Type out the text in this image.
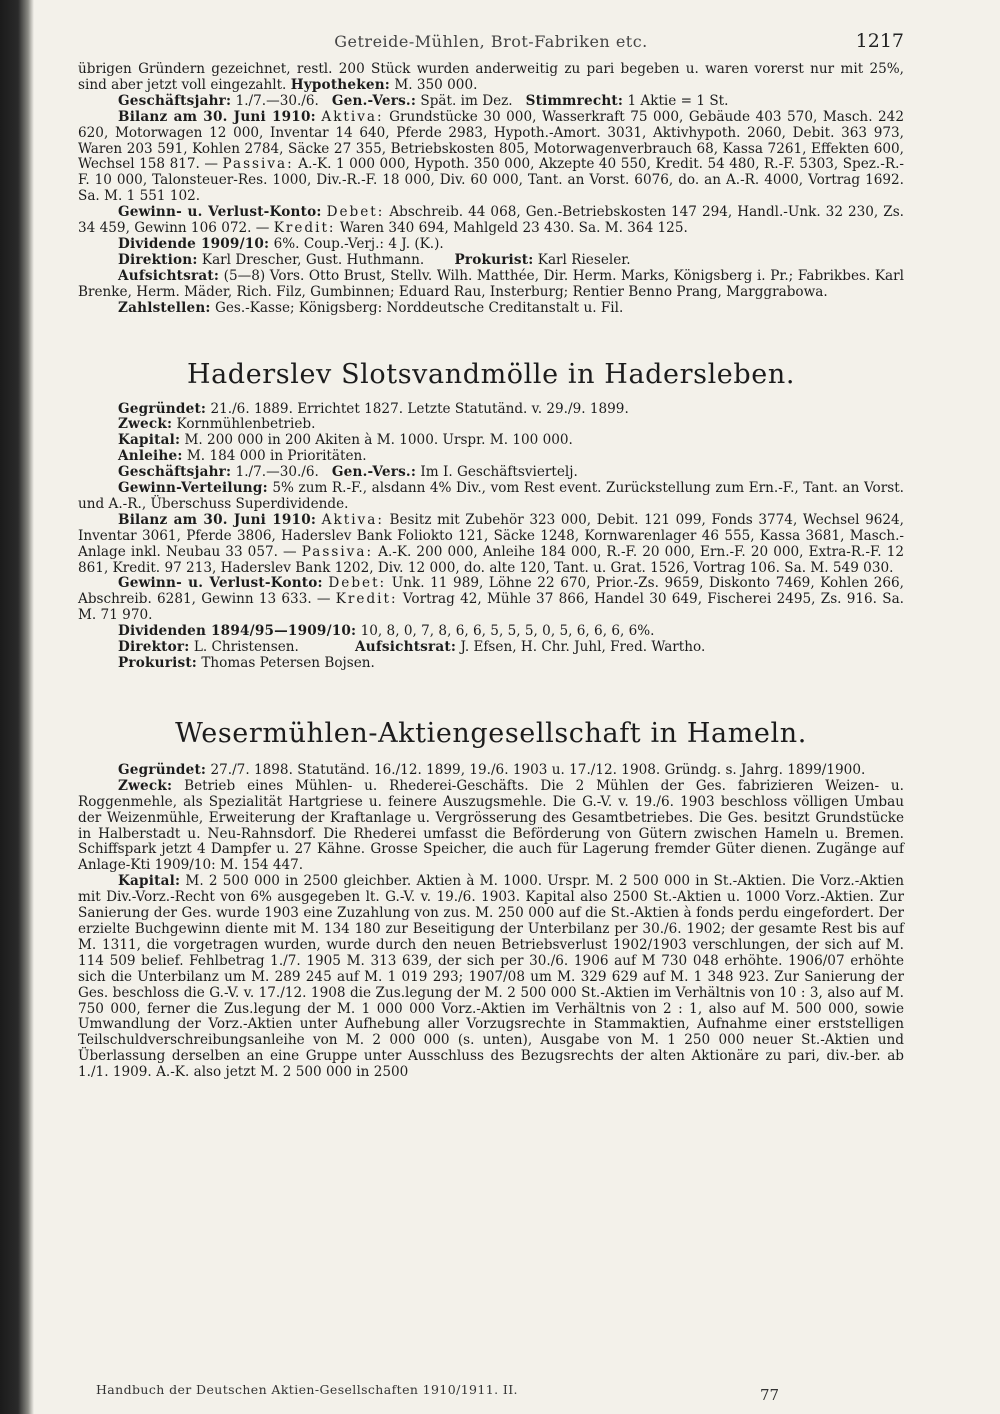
Getreide-Mühlen, Brot-Fabriken etc.	1217

übrigen Gründern gezeichnet, restl. 200 Stück wurden anderweitig zu pari begeben u. waren vorerst nur mit 25%, sind aber jetzt voll eingezahlt. Hypotheken: M. 350 000.

Geschäftsjahr: 1./7.—30./6. Gen.-Vers.: Spät. im Dez. Stimmrecht: 1 Aktie = 1 St.

Bilanz am 30. Juni 1910: Aktiva: Grundstücke 30 000, Wasserkraft 75 000, Gebäude 403 570, Masch. 242 620, Motorwagen 12 000, Inventar 14 640, Pferde 2983, Hypoth.-Amort. 3031, Aktivhypoth. 2060, Debit. 363 973, Waren 203 591, Kohlen 2784, Säcke 27 355, Betriebskosten 805, Motorwagenverbrauch 68, Kassa 7261, Effekten 600, Wechsel 158 817. — Passiva: A.-K. 1 000 000, Hypoth. 350 000, Akzepte 40 550, Kredit. 54 480, R.-F. 5303, Spez.-R.-F. 10 000, Talonsteuer-Res. 1000, Div.-R.-F. 18 000, Div. 60 000, Tant. an Vorst. 6076, do. an A.-R. 4000, Vortrag 1692. Sa. M. 1 551 102.

Gewinn- u. Verlust-Konto: Debet: Abschreib. 44 068, Gen.-Betriebskosten 147 294, Handl.-Unk. 32 230, Zs. 34 459, Gewinn 106 072. — Kredit: Waren 340 694, Mahlgeld 23 430. Sa. M. 364 125.

Dividende 1909/10: 6%. Coup.-Verj.: 4 J. (K.).

Direktion: Karl Drescher, Gust. Huthmann. Prokurist: Karl Rieseler.

Aufsichtsrat: (5—8) Vors. Otto Brust, Stellv. Wilh. Matthée, Dir. Herm. Marks, Königsberg i. Pr.; Fabrikbes. Karl Brenke, Herm. Mäder, Rich. Filz, Gumbinnen; Eduard Rau, Insterburg; Rentier Benno Prang, Marggrabowa.

Zahlstellen: Ges.-Kasse; Königsberg: Norddeutsche Creditanstalt u. Fil.

Haderslev Slotsvandmölle in Hadersleben.

Gegründet: 21./6. 1889. Errichtet 1827. Letzte Statutänd. v. 29./9. 1899.

Zweck: Kornmühlenbetrieb.

Kapital: M. 200 000 in 200 Akiten à M. 1000. Urspr. M. 100 000.

Anleihe: M. 184 000 in Prioritäten.

Geschäftsjahr: 1./7.—30./6. Gen.-Vers.: Im I. Geschäftsviertelj.

Gewinn-Verteilung: 5% zum R.-F., alsdann 4% Div., vom Rest event. Zurückstellung zum Ern.-F., Tant. an Vorst. und A.-R., Überschuss Superdividende.

Bilanz am 30. Juni 1910: Aktiva: Besitz mit Zubehör 323 000, Debit. 121 099, Fonds 3774, Wechsel 9624, Inventar 3061, Pferde 3806, Haderslev Bank Foliokto 121, Säcke 1248, Kornwarenlager 46 555, Kassa 3681, Masch.-Anlage inkl. Neubau 33 057. — Passiva: A.-K. 200 000, Anleihe 184 000, R.-F. 20 000, Ern.-F. 20 000, Extra-R.-F. 12 861, Kredit. 97 213, Haderslev Bank 1202, Div. 12 000, do. alte 120, Tant. u. Grat. 1526, Vortrag 106. Sa. M. 549 030.

Gewinn- u. Verlust-Konto: Debet: Unk. 11 989, Löhne 22 670, Prior.-Zs. 9659, Diskonto 7469, Kohlen 266, Abschreib. 6281, Gewinn 13 633. — Kredit: Vortrag 42, Mühle 37 866, Handel 30 649, Fischerei 2495, Zs. 916. Sa. M. 71 970.

Dividenden 1894/95—1909/10: 10, 8, 0, 7, 8, 6, 6, 5, 5, 5, 0, 5, 6, 6, 6, 6%.

Direktor: L. Christensen.	Aufsichtsrat: J. Efsen, H. Chr. Juhl, Fred. Wartho.

Prokurist: Thomas Petersen Bojsen.

Wesermühlen-Aktiengesellschaft in Hameln.

Gegründet: 27./7. 1898. Statutänd. 16./12. 1899, 19./6. 1903 u. 17./12. 1908. Gründg. s. Jahrg. 1899/1900.

Zweck: Betrieb eines Mühlen- u. Rhederei-Geschäfts. Die 2 Mühlen der Ges. fabrizieren Weizen- u. Roggenmehle, als Spezialität Hartgriese u. feinere Auszugsmehle. Die G.-V. v. 19./6. 1903 beschloss völligen Umbau der Weizenmühle, Erweiterung der Kraftanlage u. Vergrösserung des Gesamtbetriebes. Die Ges. besitzt Grundstücke in Halberstadt u. Neu-Rahnsdorf. Die Rhederei umfasst die Beförderung von Gütern zwischen Hameln u. Bremen. Schiffspark jetzt 4 Dampfer u. 27 Kähne. Grosse Speicher, die auch für Lagerung fremder Güter dienen. Zugänge auf Anlage-Kti 1909/10: M. 154 447.

Kapital: M. 2 500 000 in 2500 gleichber. Aktien à M. 1000. Urspr. M. 2 500 000 in St.-Aktien. Die Vorz.-Aktien mit Div.-Vorz.-Recht von 6% ausgegeben lt. G.-V. v. 19./6. 1903. Kapital also 2500 St.-Aktien u. 1000 Vorz.-Aktien. Zur Sanierung der Ges. wurde 1903 eine Zuzahlung von zus. M. 250 000 auf die St.-Aktien à fonds perdu eingefordert. Der erzielte Buchgewinn diente mit M. 134 180 zur Beseitigung der Unterbilanz per 30./6. 1902; der gesamte Rest bis auf M. 1311, die vorgetragen wurden, wurde durch den neuen Betriebsverlust 1902/1903 verschlungen, der sich auf M. 114 509 belief. Fehlbetrag 1./7. 1905 M. 313 639, der sich per 30./6. 1906 auf M 730 048 erhöhte. 1906/07 erhöhte sich die Unterbilanz um M. 289 245 auf M. 1 019 293; 1907/08 um M. 329 629 auf M. 1 348 923. Zur Sanierung der Ges. beschloss die G.-V. v. 17./12. 1908 die Zus.legung der M. 2 500 000 St.-Aktien im Verhältnis von 10 : 3, also auf M. 750 000, ferner die Zus.legung der M. 1 000 000 Vorz.-Aktien im Verhältnis von 2 : 1, also auf M. 500 000, sowie Umwandlung der Vorz.-Aktien unter Aufhebung aller Vorzugsrechte in Stammaktien, Aufnahme einer erststelligen Teilschuldverschreibungsanleihe von M. 2 000 000 (s. unten), Ausgabe von M. 1 250 000 neuer St.-Aktien und Überlassung derselben an eine Gruppe unter Ausschluss des Bezugsrechts der alten Aktionäre zu pari, div.-ber. ab 1./1. 1909. A.-K. also jetzt M. 2 500 000 in 2500

Handbuch der Deutschen Aktien-Gesellschaften 1910/1911. II.	77
